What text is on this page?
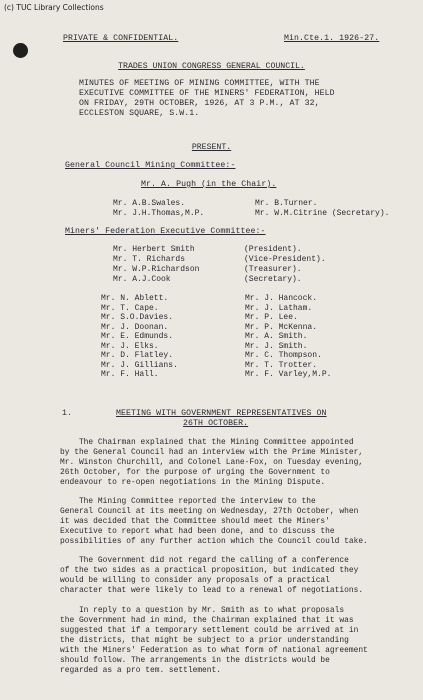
(c) TUC Library Collections
PRIVATE & CONFIDENTIAL.	Min.Cte.1. 1926-27.
TRADES UNION CONGRESS GENERAL COUNCIL.
MINUTES OF MEETING OF MINING COMMITTEE, WITH THE
EXECUTIVE COMMITTEE OF THE MINERS' FEDERATION, HELD
ON FRIDAY, 29TH OCTOBER, 1926, AT 3 P.M., AT 32,
ECCLESTON SQUARE, S.W.1.
PRESENT.
General Council Mining Committee:-
Mr. A. Pugh (in the Chair).
Mr. A.B.Swales.	Mr. B.Turner.
Mr. J.H.Thomas,M.P.	Mr. W.M.Citrine (Secretary).
Miners' Federation Executive Committee:-
Mr. Herbert Smith	(President).
Mr. T. Richards	(Vice-President).
Mr. W.P.Richardson	(Treasurer).
Mr. A.J.Cook	(Secretary).
Mr. N. Ablett.	Mr. J. Hancock.
Mr. T. Cape.	Mr. J. Latham.
Mr. S.O.Davies.	Mr. P. Lee.
Mr. J. Doonan.	Mr. P. McKenna.
Mr. E. Edmunds.	Mr. A. Smith.
Mr. J. Elks.	Mr. J. Smith.
Mr. D. Flatley.	Mr. C. Thompson.
Mr. J. Gillians.	Mr. T. Trotter.
Mr. F. Hall.	Mr. F. Varley,M.P.
1.	MEETING WITH GOVERNMENT REPRESENTATIVES ON
26TH OCTOBER.
The Chairman explained that the Mining Committee appointed
by the General Council had an interview with the Prime Minister,
Mr. Winston Churchill, and Colonel Lane-Fox, on Tuesday evening,
26th October, for the purpose of urging the Government to
endeavour to re-open negotiations in the Mining Dispute.
The Mining Committee reported the interview to the
General Council at its meeting on Wednesday, 27th October, when
it was decided that the Committee should meet the Miners'
Executive to report what had been done, and to discuss the
possibilities of any further action which the Council could take.
The Government did not regard the calling of a conference
of the two sides as a practical proposition, but indicated they
would be willing to consider any proposals of a practical
character that were likely to lead to a renewal of negotiations.
In reply to a question by Mr. Smith as to what proposals
the Government had in mind, the Chairman explained that it was
suggested that if a temporary settlement could be arrived at in
the districts, that might be subject to a prior understanding
with the Miners' Federation as to what form of national agreement
should follow. The arrangements in the districts would be
regarded as a pro tem. settlement.
